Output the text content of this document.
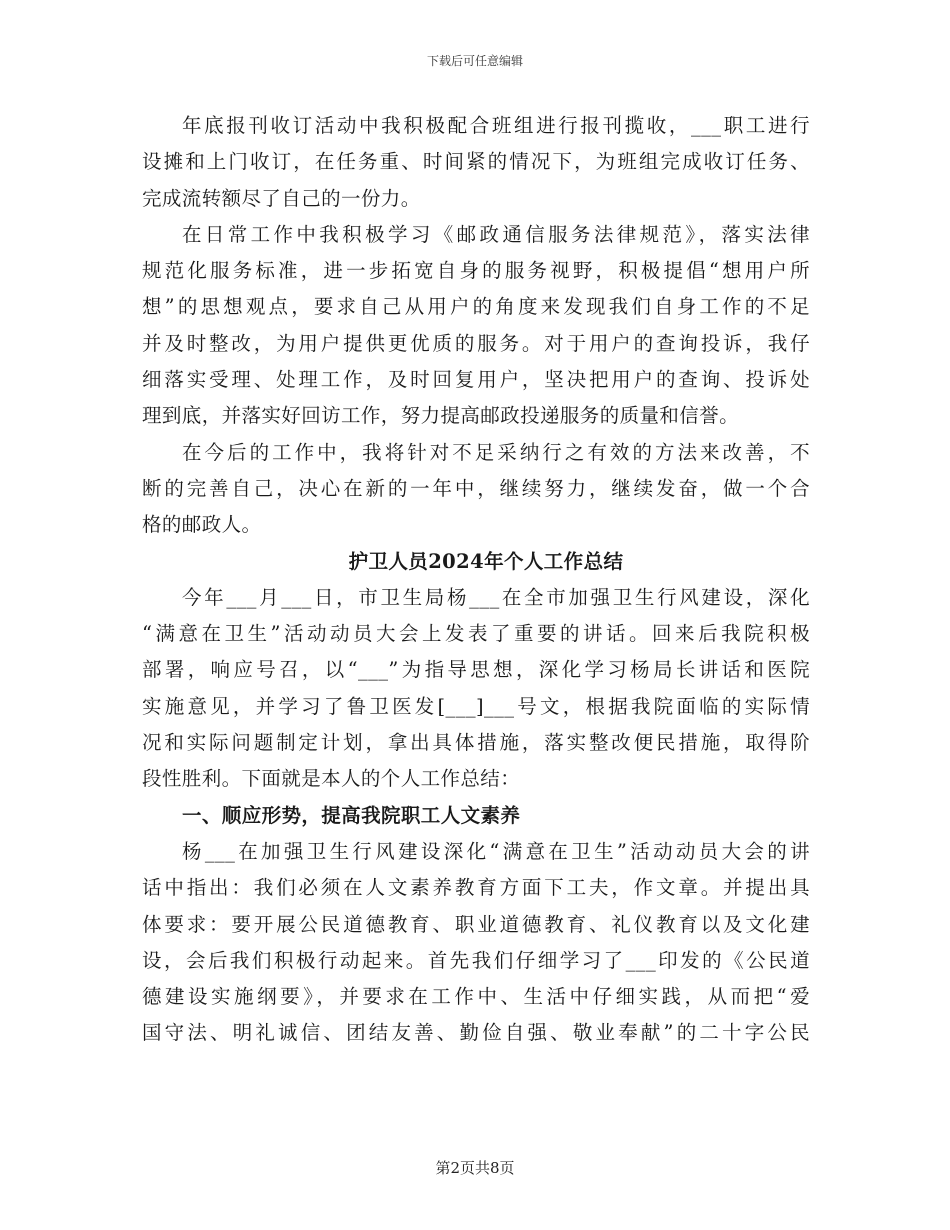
下载后可任意编辑
年底报刊收订活动中我积极配合班组进行报刊揽收，___职工进行
设摊和上门收订，在任务重、时间紧的情况下，为班组完成收订任务、
完成流转额尽了自己的一份力。
在日常工作中我积极学习《邮政通信服务法律规范》，落实法律
规范化服务标准，进一步拓宽自身的服务视野，积极提倡“想用户所
想”的思想观点，要求自己从用户的角度来发现我们自身工作的不足
并及时整改，为用户提供更优质的服务。对于用户的查询投诉，我仔
细落实受理、处理工作，及时回复用户，坚决把用户的查询、投诉处
理到底，并落实好回访工作，努力提高邮政投递服务的质量和信誉。
在今后的工作中，我将针对不足采纳行之有效的方法来改善，不
断的完善自己，决心在新的一年中，继续努力，继续发奋，做一个合
格的邮政人。
护卫人员2024年个人工作总结
今年___月___日，市卫生局杨___在全市加强卫生行风建设，深化
“满意在卫生”活动动员大会上发表了重要的讲话。回来后我院积极
部署，响应号召，以“___”为指导思想，深化学习杨局长讲话和医院
实施意见，并学习了鲁卫医发[___]___号文，根据我院面临的实际情
况和实际问题制定计划，拿出具体措施，落实整改便民措施，取得阶
段性胜利。下面就是本人的个人工作总结：
一、顺应形势，提高我院职工人文素养
杨___在加强卫生行风建设深化“满意在卫生”活动动员大会的讲
话中指出：我们必须在人文素养教育方面下工夫，作文章。并提出具
体要求：要开展公民道德教育、职业道德教育、礼仪教育以及文化建
设，会后我们积极行动起来。首先我们仔细学习了___印发的《公民道
德建设实施纲要》，并要求在工作中、生活中仔细实践，从而把“爱
国守法、明礼诚信、团结友善、勤俭自强、敬业奉献”的二十字公民
第2页共8页
